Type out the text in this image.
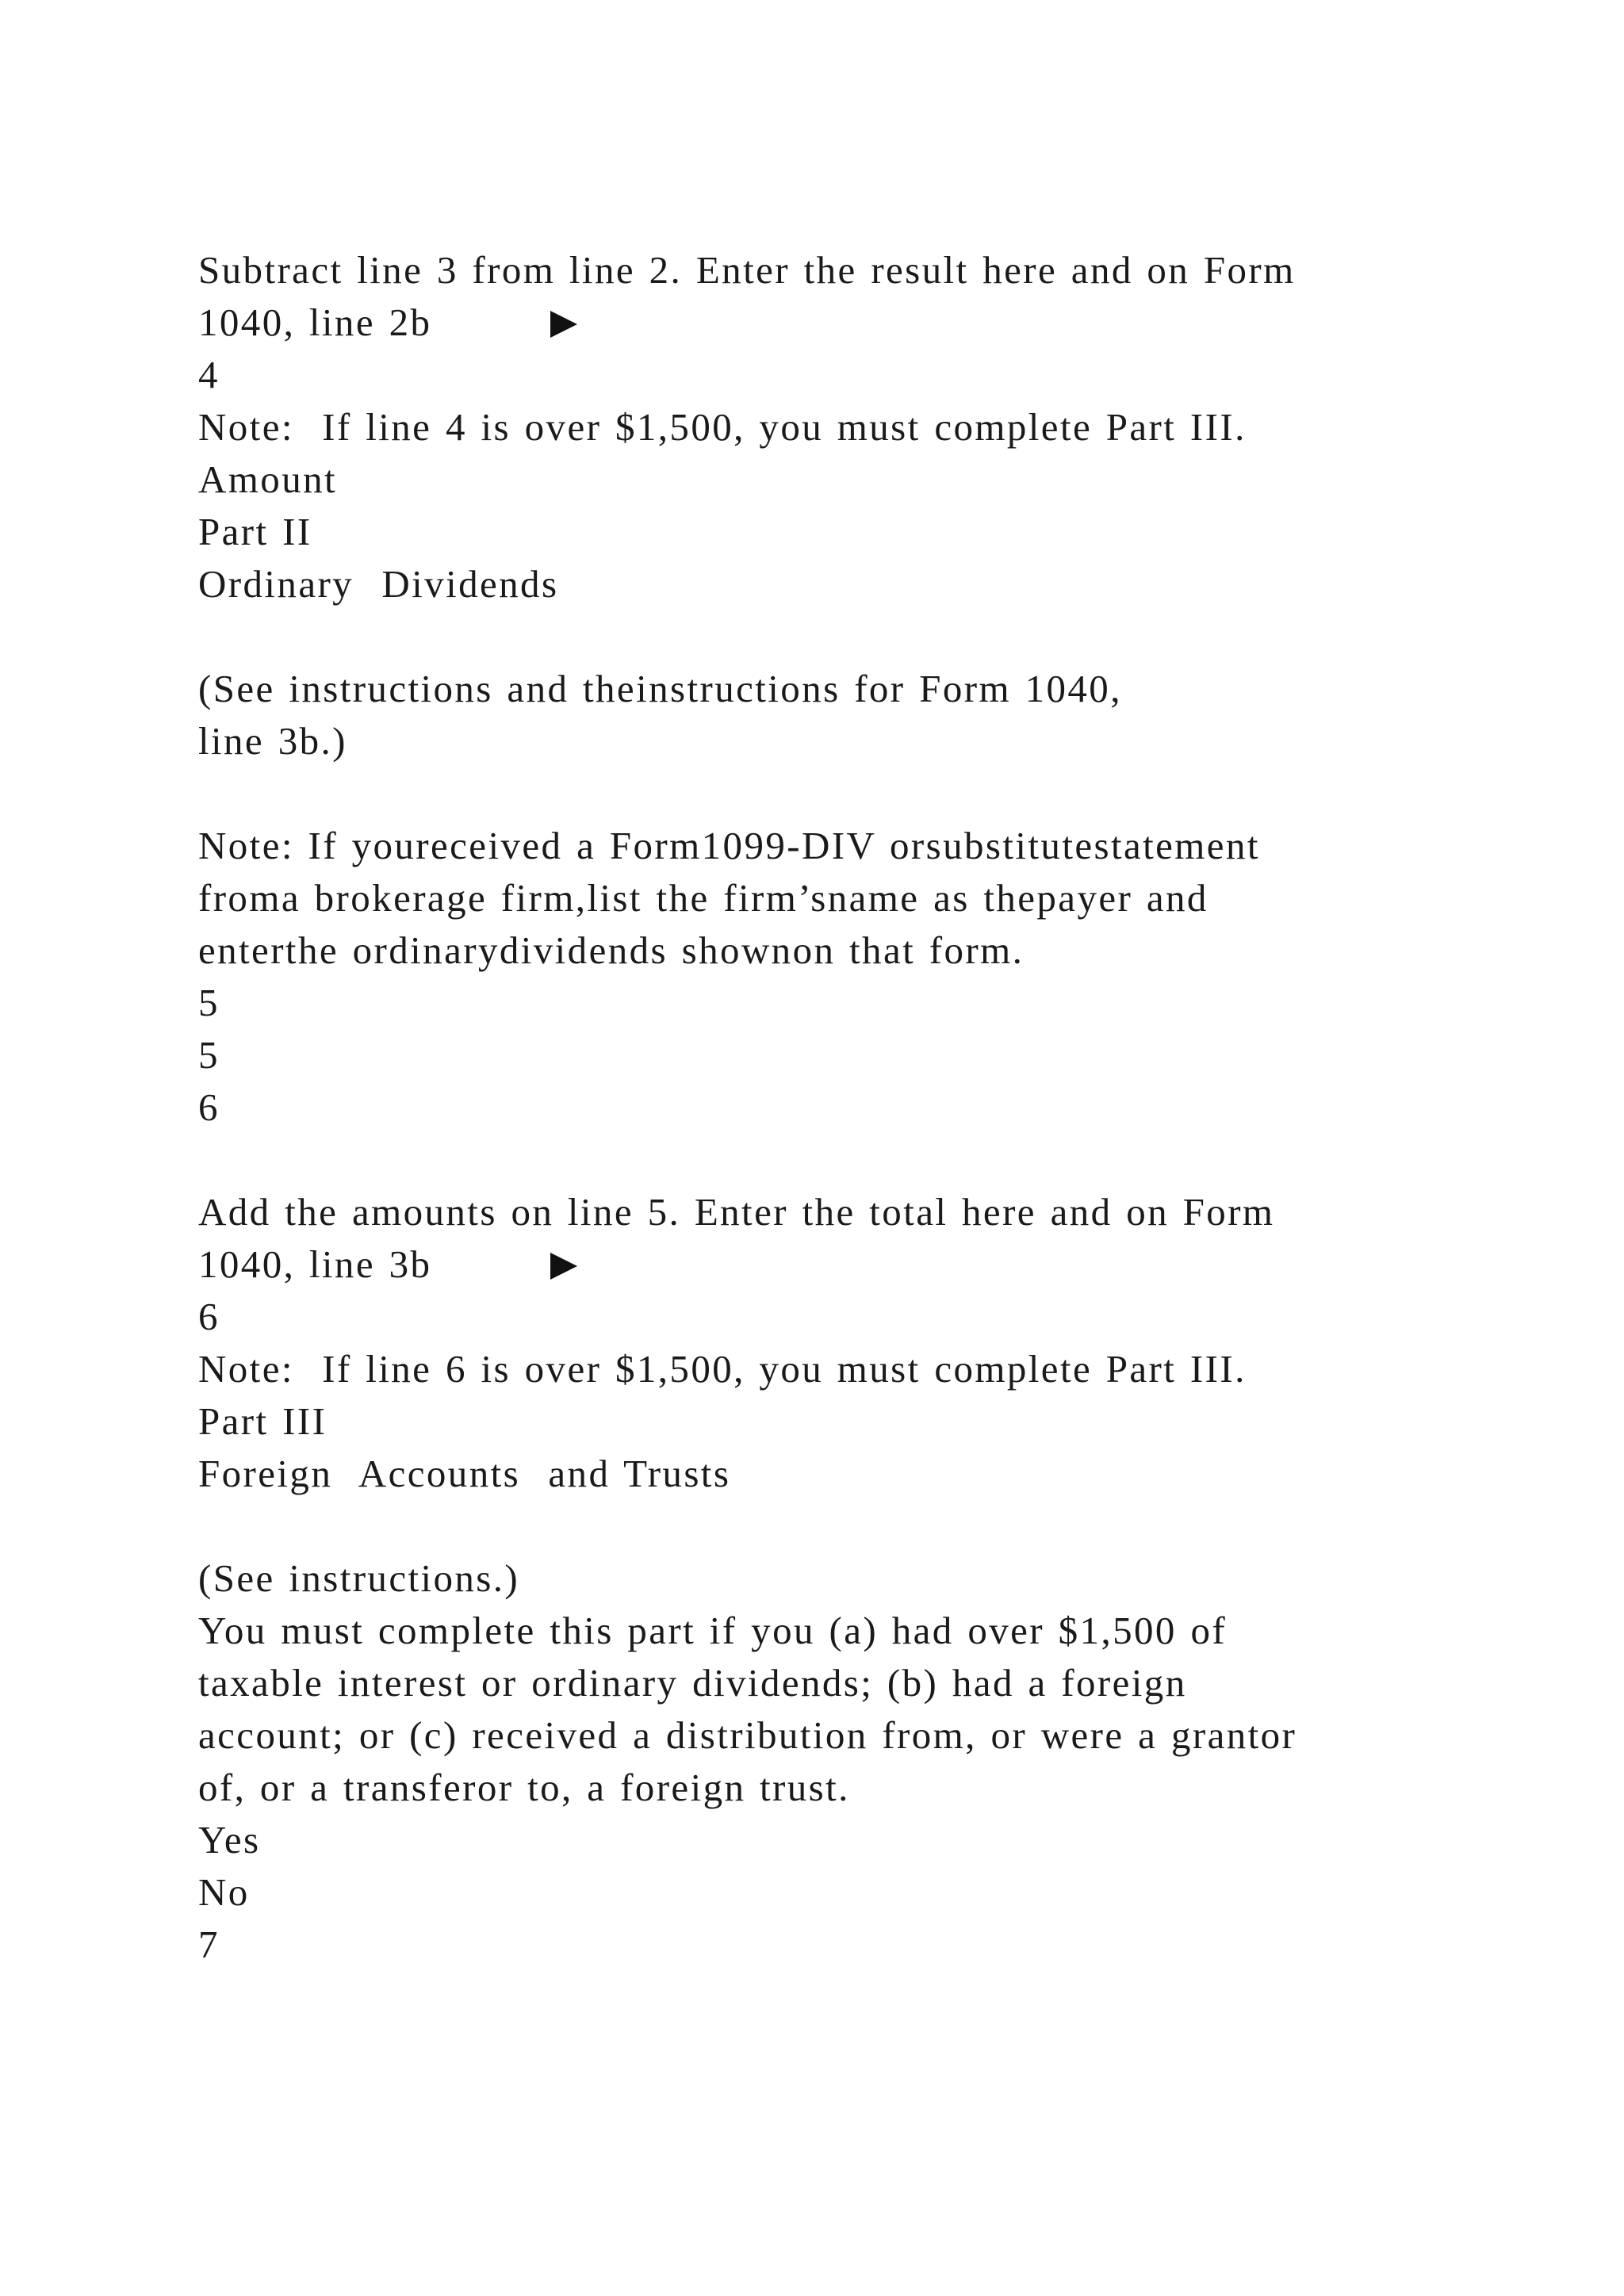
Subtract line 3 from line 2. Enter the result here and on Form
1040, line 2b
4
Note:  If line 4 is over $1,500, you must complete Part III.
Amount
Part II
Ordinary  Dividends
(See instructions and theinstructions for Form 1040,
line 3b.)
Note: If youreceived a Form1099-DIV orsubstitutestatement
froma brokerage firm,list the firm’sname as thepayer and
enterthe ordinarydividends shownon that form.
5
5
6
Add the amounts on line 5. Enter the total here and on Form
1040, line 3b
6
Note:  If line 6 is over $1,500, you must complete Part III.
Part III
Foreign  Accounts  and Trusts
(See instructions.)
You must complete this part if you (a) had over $1,500 of
taxable interest or ordinary dividends; (b) had a foreign
account; or (c) received a distribution from, or were a grantor
of, or a transferor to, a foreign trust.
Yes
No
7
